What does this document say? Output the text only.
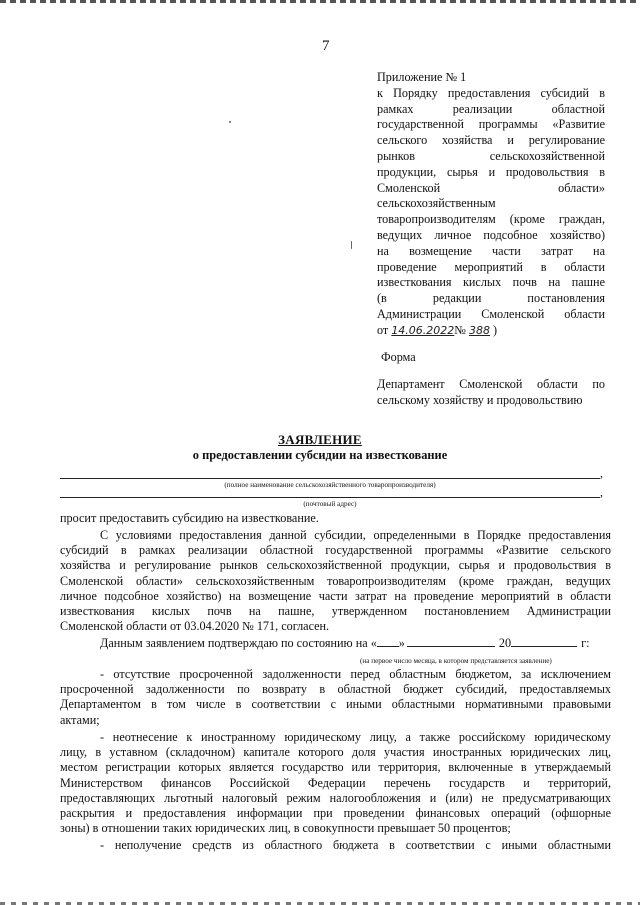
7
Приложение № 1
к Порядку предоставления субсидий в
рамках реализации областной
государственной программы «Развитие
сельского хозяйства и регулирование
рынков сельскохозяйственной
продукции, сырья и продовольствия в
Смоленской области»
сельскохозяйственным
товаропроизводителям (кроме граждан,
ведущих личное подсобное хозяйство)
на возмещение части затрат на
проведение мероприятий в области
известкования кислых почв на пашне
(в редакции постановления
Администрации Смоленской области
от 14.06.2022№ 388 )
Форма
Департамент Смоленской области по сельскому хозяйству и продовольствию
ЗАЯВЛЕНИЕ
о предоставлении субсидии на известкование
,
(полное наименование сельскохозяйственного товаропроизводителя)	,
(почтовый адрес)
просит предоставить субсидию на известкование.
С условиями предоставления данной субсидии, определенными в Порядке предоставления
субсидий в рамках реализации областной государственной программы «Развитие сельского
хозяйства и регулирование рынков сельскохозяйственной продукции, сырья и продовольствия в
Смоленской области» сельскохозяйственным товаропроизводителям (кроме граждан, ведущих
личное подсобное хозяйство) на возмещение части затрат на проведение мероприятий в области
известкования кислых почв на пашне, утвержденном постановлением Администрации
Смоленской области от 03.04.2020 № 171, согласен.
Данным заявлением подтверждаю по состоянию на « »	20	г:
(на первое число месяца, в котором представляется заявление)
- отсутствие просроченной задолженности перед областным бюджетом, за исключением
просроченной задолженности по возврату в областной бюджет субсидий, предоставляемых
Департаментом в том числе в соответствии с иными областными нормативными правовыми
актами;
- неотнесение к иностранному юридическому лицу, а также российскому юридическому
лицу, в уставном (складочном) капитале которого доля участия иностранных юридических лиц,
местом регистрации которых является государство или территория, включенные в утверждаемый
Министерством финансов Российской Федерации перечень государств и территорий,
предоставляющих льготный налоговый режим налогообложения и (или) не предусматривающих
раскрытия и предоставления информации при проведении финансовых операций (офшорные
зоны) в отношении таких юридических лиц, в совокупности превышает 50 процентов;
- неполучение средств из областного бюджета в соответствии с иными областными
